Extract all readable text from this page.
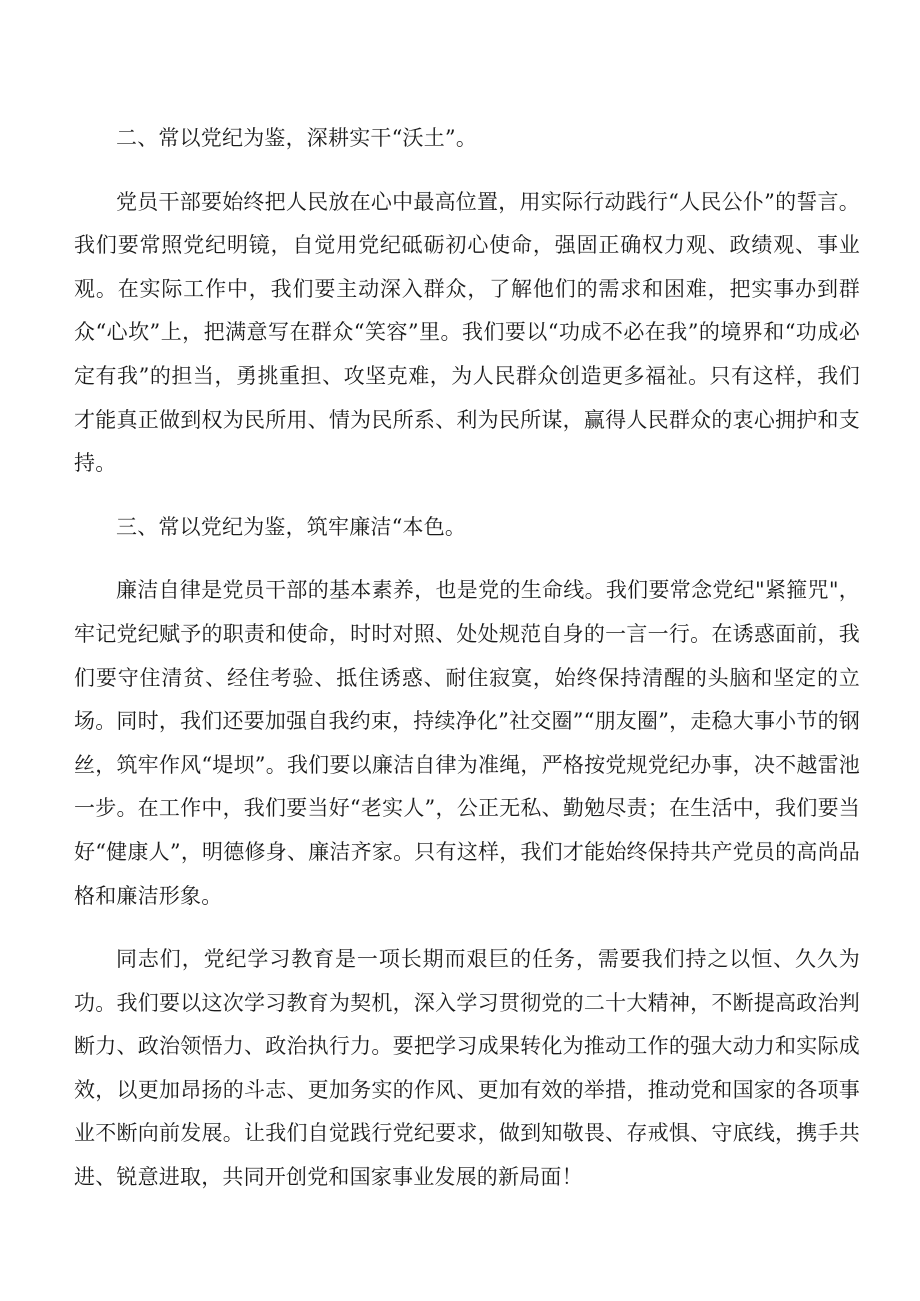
二、常以党纪为鉴，深耕实干“沃土”。

党员干部要始终把人民放在心中最高位置，用实际行动践行“人民公仆”的誓言。我们要常照党纪明镜，自觉用党纪砥砺初心使命，强固正确权力观、政绩观、事业观。在实际工作中，我们要主动深入群众，了解他们的需求和困难，把实事办到群众“心坎”上，把满意写在群众“笑容”里。我们要以“功成不必在我”的境界和“功成必定有我”的担当，勇挑重担、攻坚克难，为人民群众创造更多福祉。只有这样，我们才能真正做到权为民所用、情为民所系、利为民所谋，赢得人民群众的衷心拥护和支持。

三、常以党纪为鉴，筑牢廉洁“本色。

廉洁自律是党员干部的基本素养，也是党的生命线。我们要常念党纪"紧箍咒"，牢记党纪赋予的职责和使命，时时对照、处处规范自身的一言一行。在诱惑面前，我们要守住清贫、经住考验、抵住诱惑、耐住寂寞，始终保持清醒的头脑和坚定的立场。同时，我们还要加强自我约束，持续净化”社交圈”“朋友圈”，走稳大事小节的钢丝，筑牢作风“堤坝”。我们要以廉洁自律为准绳，严格按党规党纪办事，决不越雷池一步。在工作中，我们要当好“老实人”，公正无私、勤勉尽责；在生活中，我们要当好“健康人”，明德修身、廉洁齐家。只有这样，我们才能始终保持共产党员的高尚品格和廉洁形象。

同志们，党纪学习教育是一项长期而艰巨的任务，需要我们持之以恒、久久为功。我们要以这次学习教育为契机，深入学习贯彻党的二十大精神，不断提高政治判断力、政治领悟力、政治执行力。要把学习成果转化为推动工作的强大动力和实际成效，以更加昂扬的斗志、更加务实的作风、更加有效的举措，推动党和国家的各项事业不断向前发展。让我们自觉践行党纪要求，做到知敬畏、存戒惧、守底线，携手共进、锐意进取，共同开创党和国家事业发展的新局面！
